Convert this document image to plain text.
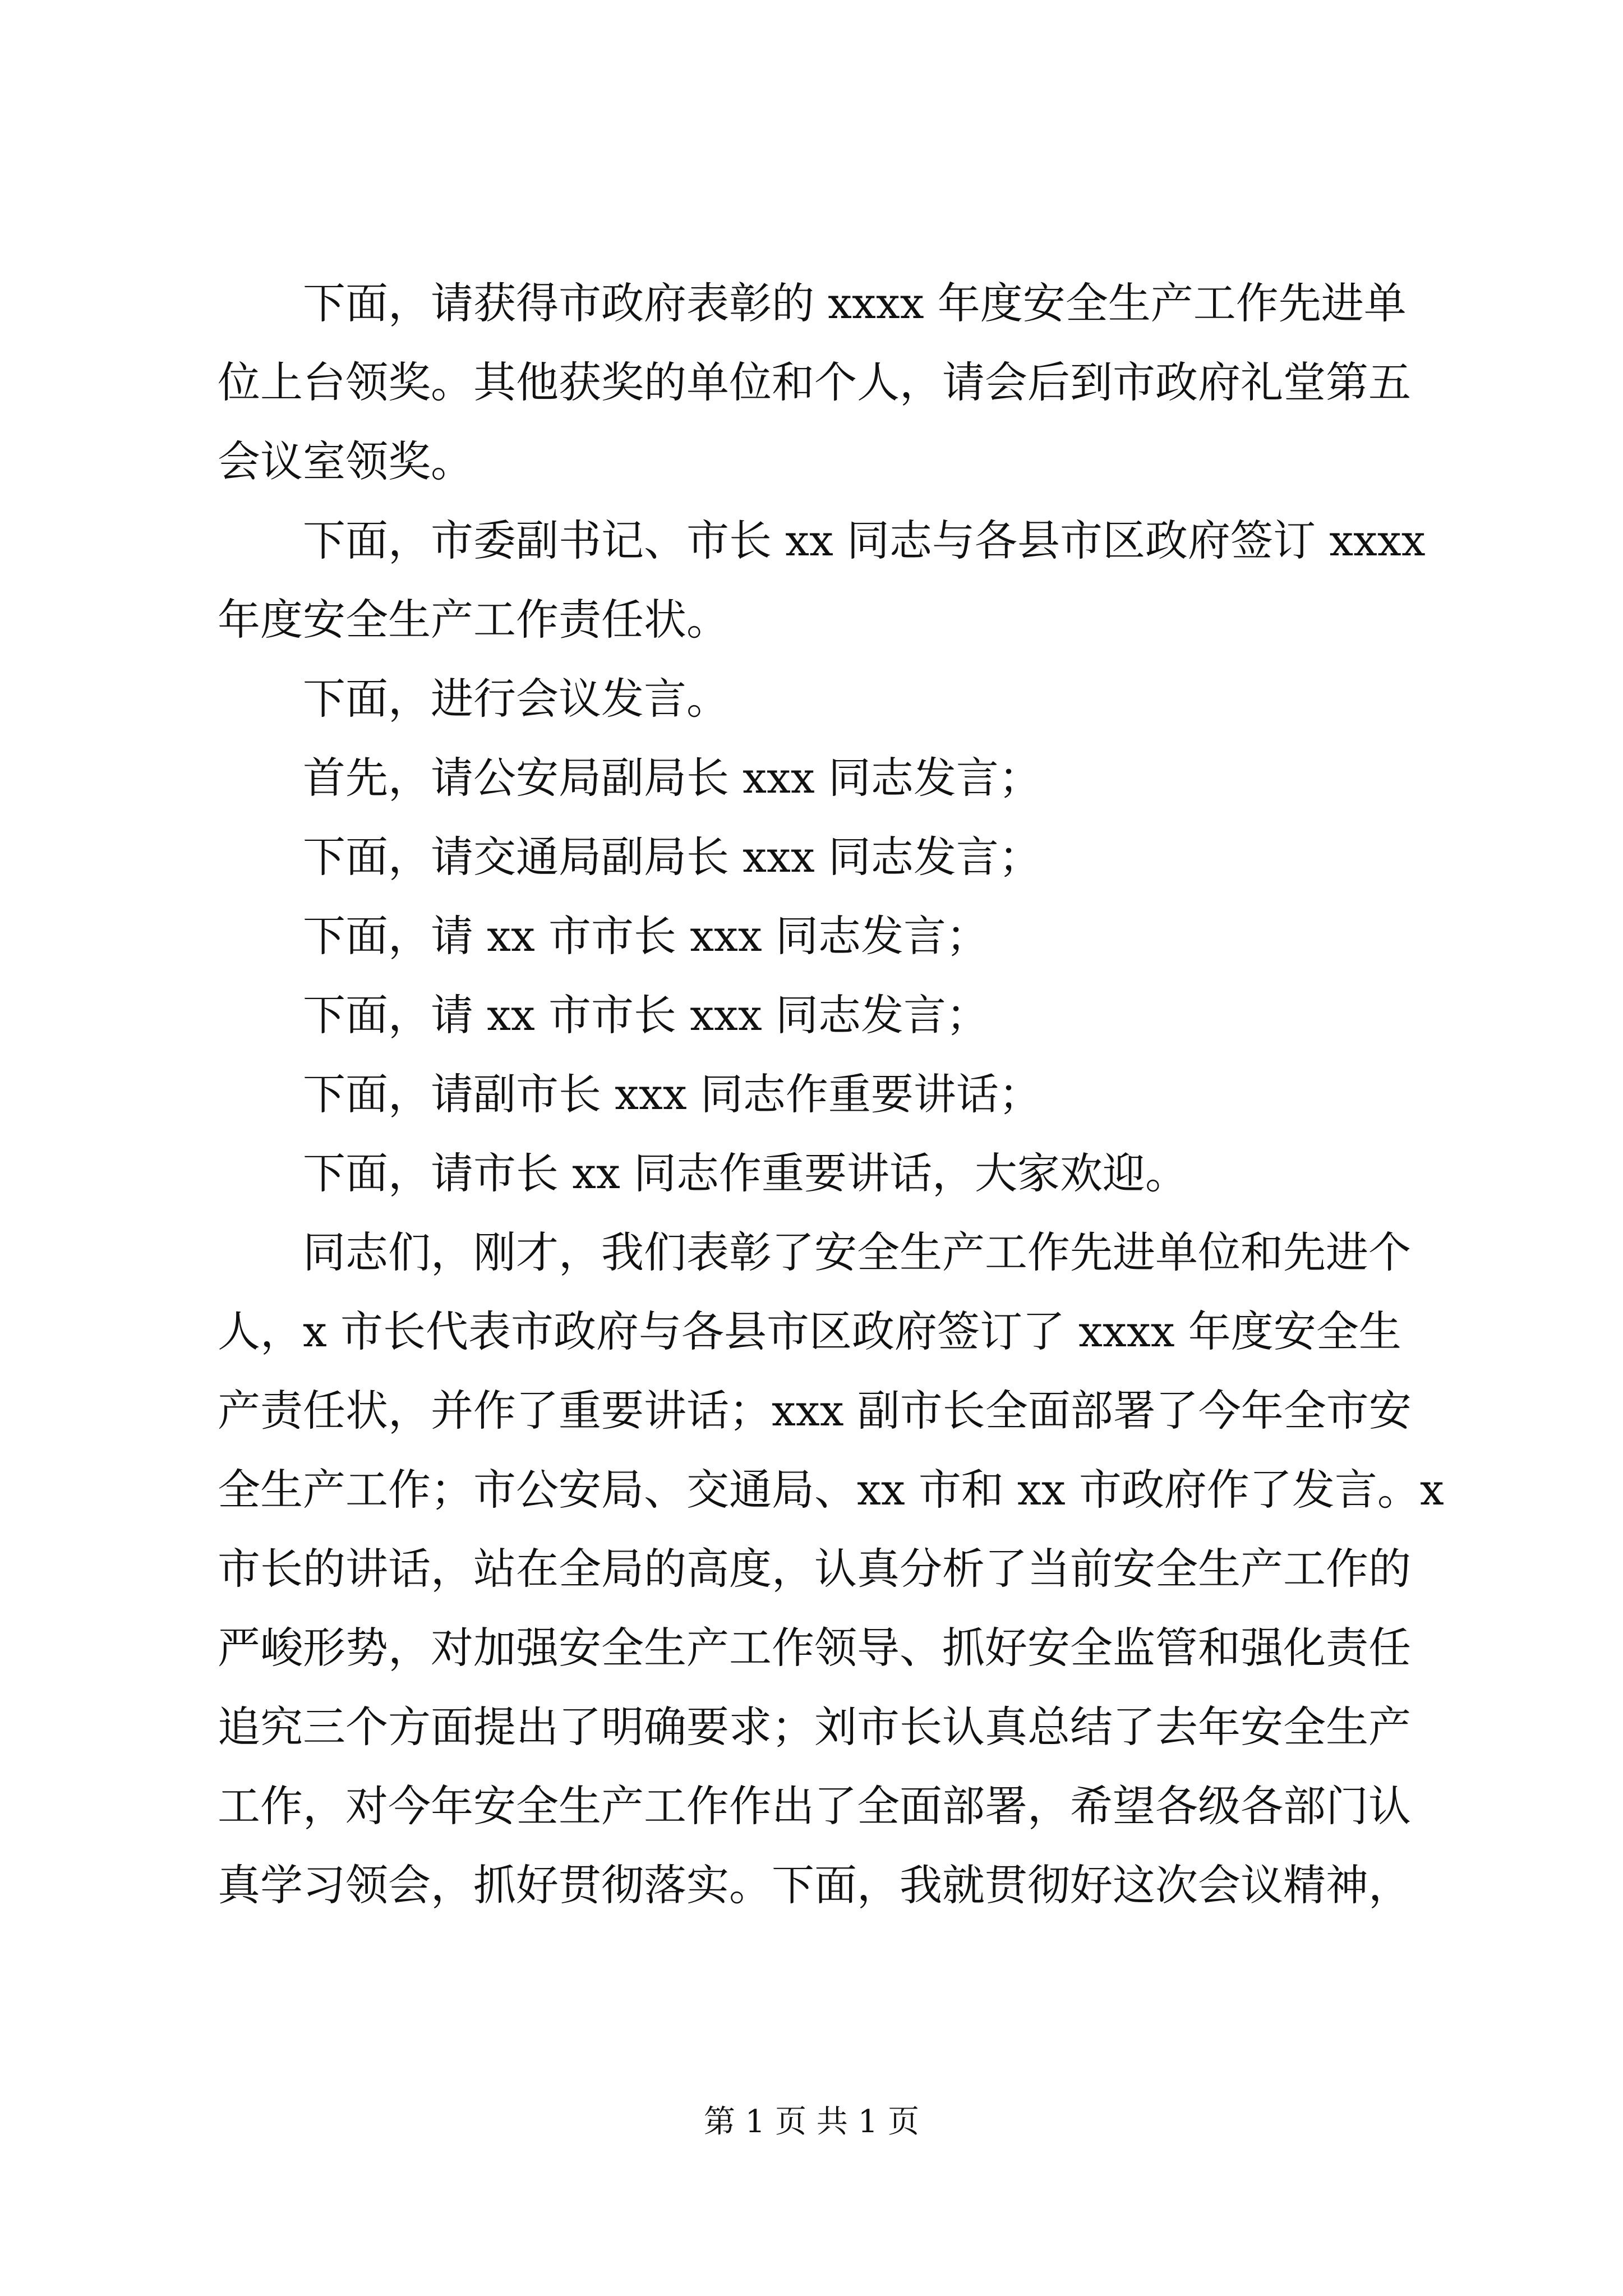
下面，请获得市政府表彰的 xxxx 年度安全生产工作先进单
位上台领奖。其他获奖的单位和个人，请会后到市政府礼堂第五
会议室领奖。
下面，市委副书记、市长 xx 同志与各县市区政府签订 xxxx
年度安全生产工作责任状。
下面，进行会议发言。
首先，请公安局副局长 xxx 同志发言；
下面，请交通局副局长 xxx 同志发言；
下面，请 xx 市市长 xxx 同志发言；
下面，请 xx 市市长 xxx 同志发言；
下面，请副市长 xxx 同志作重要讲话；
下面，请市长 xx 同志作重要讲话，大家欢迎。
同志们，刚才，我们表彰了安全生产工作先进单位和先进个
人，x 市长代表市政府与各县市区政府签订了 xxxx 年度安全生
产责任状，并作了重要讲话；xxx 副市长全面部署了今年全市安
全生产工作；市公安局、交通局、xx 市和 xx 市政府作了发言。x
市长的讲话，站在全局的高度，认真分析了当前安全生产工作的
严峻形势，对加强安全生产工作领导、抓好安全监管和强化责任
追究三个方面提出了明确要求；刘市长认真总结了去年安全生产
工作，对今年安全生产工作作出了全面部署，希望各级各部门认
真学习领会，抓好贯彻落实。下面，我就贯彻好这次会议精神，
第 1 页 共 1 页
